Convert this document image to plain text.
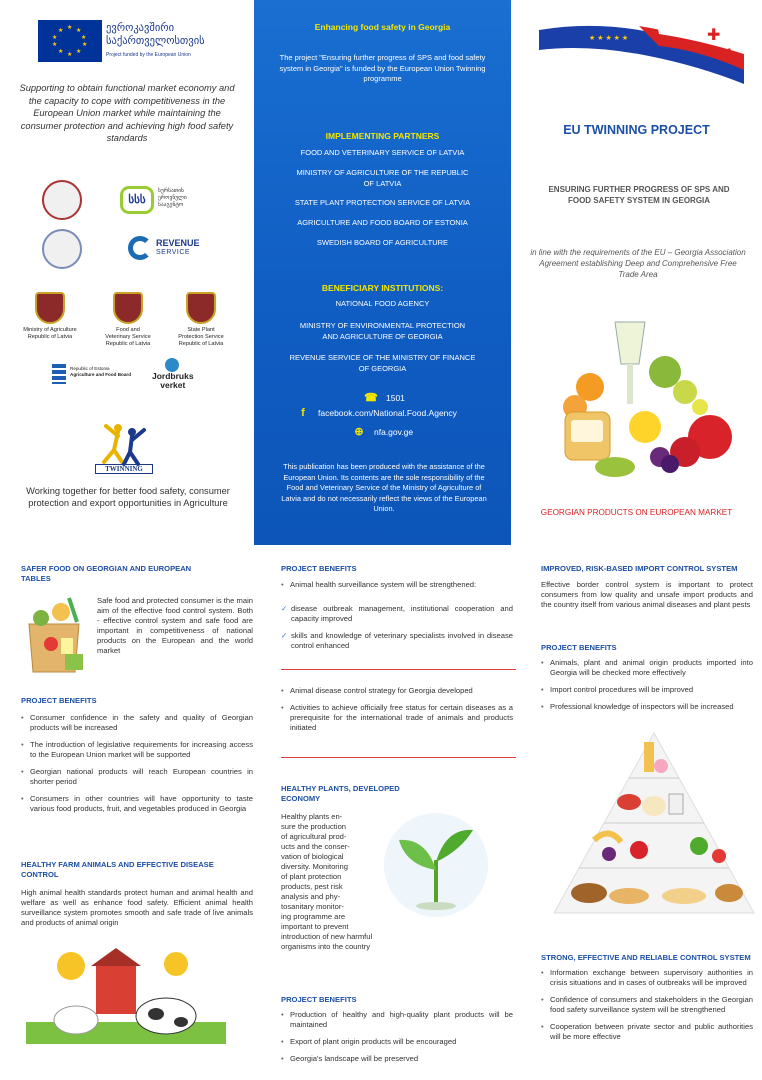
★ ★
★
★
★
★
★
★
★
★	ევროკავშირი
საქართველოსთვის
Project funded by the European Union
Supporting to obtain functional market economy and the capacity to cope with competitiveness in the European Union market while maintaining the consumer protection and achieving high food safety standards
სსს
სურსათის
ეროვნული
სააგენტო
REVENUE
SERVICE
Ministry of Agriculture
Republic of Latvia
Food and
Veterinary Service
Republic of Latvia
State Plant
Protection Service
Republic of Latvia
Republic of Estonia
Agriculture and Food Board Jordbruks
verket
TWINNING
Working together for better food safety, consumer protection and export opportunities in Agriculture
Enhancing food safety in Georgia
The project "Ensuring further progress of SPS and food safety system in Georgia" is funded by the European Union Twinning programme
IMPLEMENTING PARTNERS
FOOD AND VETERINARY SERVICE OF LATVIA
MINISTRY OF AGRICULTURE OF THE REPUBLIC OF LATVIA
STATE PLANT PROTECTION SERVICE OF LATVIA
AGRICULTURE AND FOOD BOARD OF ESTONIA
SWEDISH BOARD OF AGRICULTURE
BENEFICIARY INSTITUTIONS:
NATIONAL FOOD AGENCY
MINISTRY OF ENVIRONMENTAL PROTECTION AND AGRICULTURE OF GEORGIA
REVENUE SERVICE OF THE MINISTRY OF FINANCE OF GEORGIA
☎ 1501
f	facebook.com/National.Food.Agency
⊕	nfa.gov.ge
This publication has been produced with the assistance of the European Union. Its contents are the sole responsibility of the Food and Veterinary Service of the Ministry of Agriculture of Latvia and do not necessarily reflect the views of the European Union.
✚
✚
★ ★ ★ ★ ★
EU TWINNING PROJECT
ENSURING FURTHER PROGRESS OF SPS AND FOOD SAFETY SYSTEM IN GEORGIA
in line with the requirements of the EU – Georgia Association Agreement establishing Deep and Comprehensive Free Trade Area
GEORGIAN PRODUCTS ON EUROPEAN MARKET
SAFER FOOD ON GEORGIAN AND EUROPEAN TABLES
Safe food and protected consumer is the main aim of the effective food control system. Both - effective control system and safe food are important in competitiveness of national products on the European and the world market
PROJECT BENEFITS
• Consumer confidence in the safety and quality of Georgian products will be increased
• The introduction of legislative requirements for increasing access to the European Union market will be supported
• Georgian national products will reach European countries in shorter period
• Consumers in other countries will have opportunity to taste various food products, fruit, and vegetables produced in Georgia
HEALTHY FARM ANIMALS AND EFFECTIVE DISEASE CONTROL
High animal health standards protect human and animal health and welfare as well as enhance food safety. Efficient animal health surveillance system promotes smooth and safe trade of live animals and products of animal origin
PROJECT BENEFITS
• Animal health surveillance system will be strengthened:
✓ disease outbreak management, institutional cooperation and capacity improved
✓ skills and knowledge of veterinary specialists involved in disease control enhanced
• Animal disease control strategy for Georgia developed
• Activities to achieve officially free status for certain diseases as a prerequisite for the international trade of animals and products initiated
HEALTHY PLANTS, DEVELOPED ECONOMY
Healthy plants en-
sure the production
of agricultural prod-
ucts and the conser-
vation of biological
diversity. Monitoring
of plant protection
products, pest risk
analysis and phy-
tosanitary monitor-
ing programme are
important to prevent
introduction of new harmful
organisms into the country
PROJECT BENEFITS
• Production of healthy and high-quality plant products will be maintained
• Export of plant origin products will be encouraged
• Georgia's landscape will be preserved
IMPROVED, RISK-BASED IMPORT CONTROL SYSTEM
Effective border control system is important to protect consumers from low quality and unsafe import products and the country itself from various animal diseases and plant pests
PROJECT BENEFITS
• Animals, plant and animal origin products imported into Georgia will be checked more effectively
• Import control procedures will be improved
• Professional knowledge of inspectors will be increased
STRONG, EFFECTIVE AND RELIABLE CONTROL SYSTEM
• Information exchange between supervisory authorities in crisis situations and in cases of outbreaks will be improved
• Confidence of consumers and stakeholders in the Georgian food safety surveillance system will be strengthened
• Cooperation between private sector and public authorities will be more effective
